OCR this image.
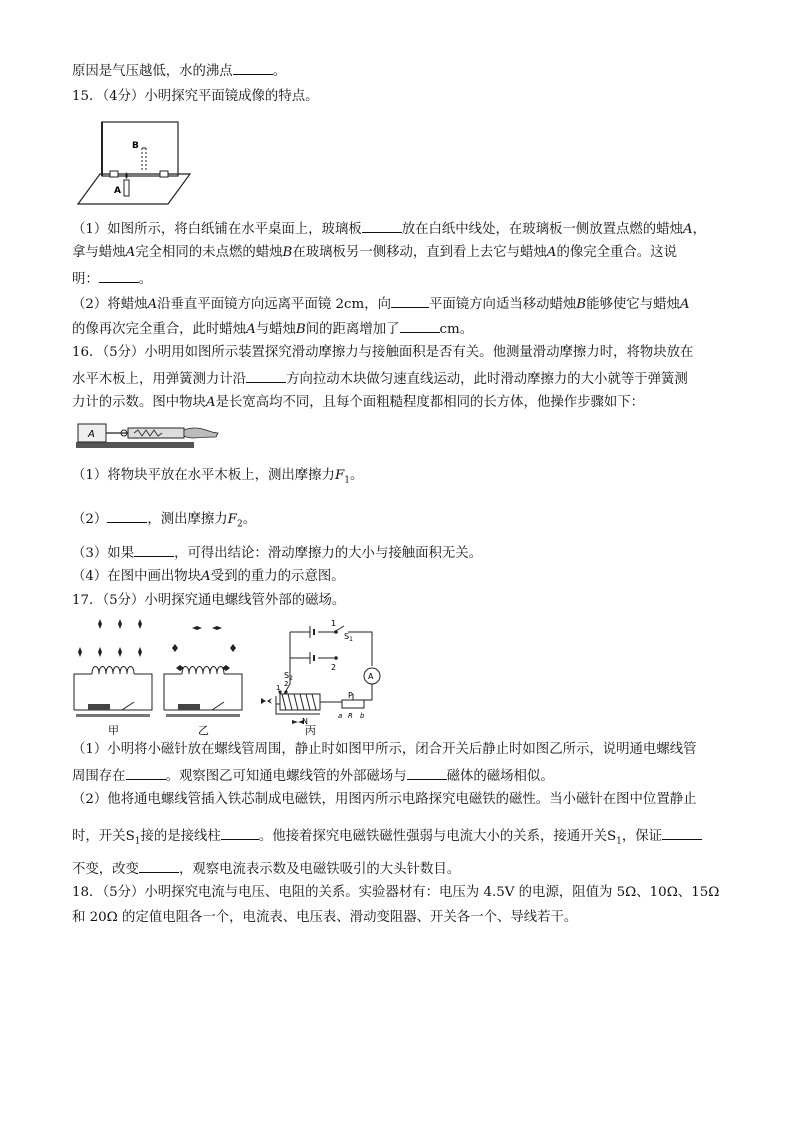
原因是气压越低，水的沸点	。
15．（4分）小明探究平面镜成像的特点。
B
A
（1）如图所示，将白纸铺在水平桌面上，玻璃板	放在白纸中线处，在玻璃板一侧放置点燃的蜡烛A，
拿与蜡烛A完全相同的未点燃的蜡烛B在玻璃板另一侧移动，直到看上去它与蜡烛A的像完全重合。这说
明：	。
（2）将蜡烛A沿垂直平面镜方向远离平面镜 2cm，向	平面镜方向适当移动蜡烛B能够使它与蜡烛A
的像再次完全重合，此时蜡烛A与蜡烛B间的距离增加了	cm。
16．（5分）小明用如图所示装置探究滑动摩擦力与接触面积是否有关。他测量滑动摩擦力时，将物块放在
水平木板上，用弹簧测力计沿	方向拉动木块做匀速直线运动，此时滑动摩擦力的大小就等于弹簧测
力计的示数。图中物块A是长宽高均不同，且每个面粗糙程度都相同的长方体，他操作步骤如下：
A
（1）将物块平放在水平木板上，测出摩擦力$F_1$。
（2）	，测出摩擦力$F_2$。
（3）如果	，可得出结论：滑动摩擦力的大小与接触面积无关。
（4）在图中画出物块A受到的重力的示意图。
17．（5分）小明探究通电螺线管外部的磁场。
甲	乙	丙
1
2
$S_1$
$S_2$	A
P
N
a R b
1 2
（1）小明将小磁针放在螺线管周围，静止时如图甲所示，闭合开关后静止时如图乙所示，说明通电螺线管
周围存在	。观察图乙可知通电螺线管的外部磁场与	磁体的磁场相似。
（2）他将通电螺线管插入铁芯制成电磁铁，用图丙所示电路探究电磁铁的磁性。当小磁针在图中位置静止
时，开关$S_1$接的是接线柱	。他接着探究电磁铁磁性强弱与电流大小的关系，接通开关$S_1$，保证
不变，改变	，观察电流表示数及电磁铁吸引的大头针数目。
18．（5分）小明探究电流与电压、电阻的关系。实验器材有：电压为 4.5V 的电源，阻值为 5Ω、10Ω、15Ω
和 20Ω 的定值电阻各一个，电流表、电压表、滑动变阻器、开关各一个、导线若干。
